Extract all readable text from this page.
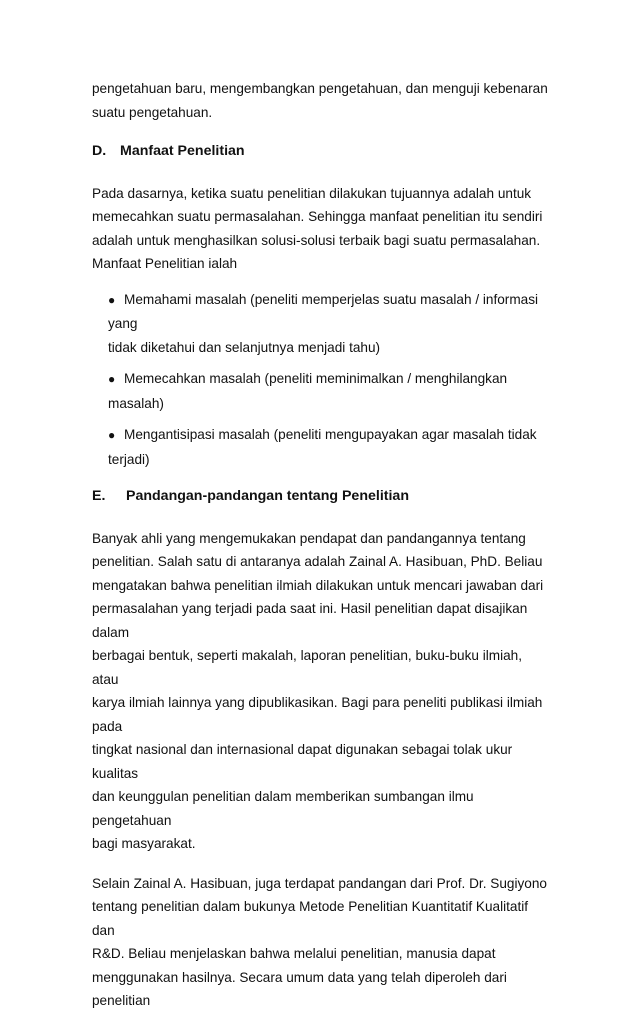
pengetahuan baru, mengembangkan pengetahuan, dan menguji kebenaran
suatu pengetahuan.

D. Manfaat Penelitian

Pada dasarnya, ketika suatu penelitian dilakukan tujuannya adalah untuk
memecahkan suatu permasalahan. Sehingga manfaat penelitian itu sendiri
adalah untuk menghasilkan solusi-solusi terbaik bagi suatu permasalahan.
Manfaat Penelitian ialah

● Memahami masalah (peneliti memperjelas suatu masalah / informasi yang
tidak diketahui dan selanjutnya menjadi tahu)
● Memecahkan masalah (peneliti meminimalkan / menghilangkan masalah)
● Mengantisipasi masalah (peneliti mengupayakan agar masalah tidak
terjadi)
E.	Pandangan-pandangan tentang Penelitian

Banyak ahli yang mengemukakan pendapat dan pandangannya tentang
penelitian. Salah satu di antaranya adalah Zainal A. Hasibuan, PhD. Beliau
mengatakan bahwa penelitian ilmiah dilakukan untuk mencari jawaban dari
permasalahan yang terjadi pada saat ini. Hasil penelitian dapat disajikan dalam
berbagai bentuk, seperti makalah, laporan penelitian, buku-buku ilmiah, atau
karya ilmiah lainnya yang dipublikasikan. Bagi para peneliti publikasi ilmiah pada
tingkat nasional dan internasional dapat digunakan sebagai tolak ukur kualitas
dan keunggulan penelitian dalam memberikan sumbangan ilmu pengetahuan
bagi masyarakat.

Selain Zainal A. Hasibuan, juga terdapat pandangan dari Prof. Dr. Sugiyono
tentang penelitian dalam bukunya Metode Penelitian Kuantitatif Kualitatif dan
R&D. Beliau menjelaskan bahwa melalui penelitian, manusia dapat
menggunakan hasilnya. Secara umum data yang telah diperoleh dari penelitian
